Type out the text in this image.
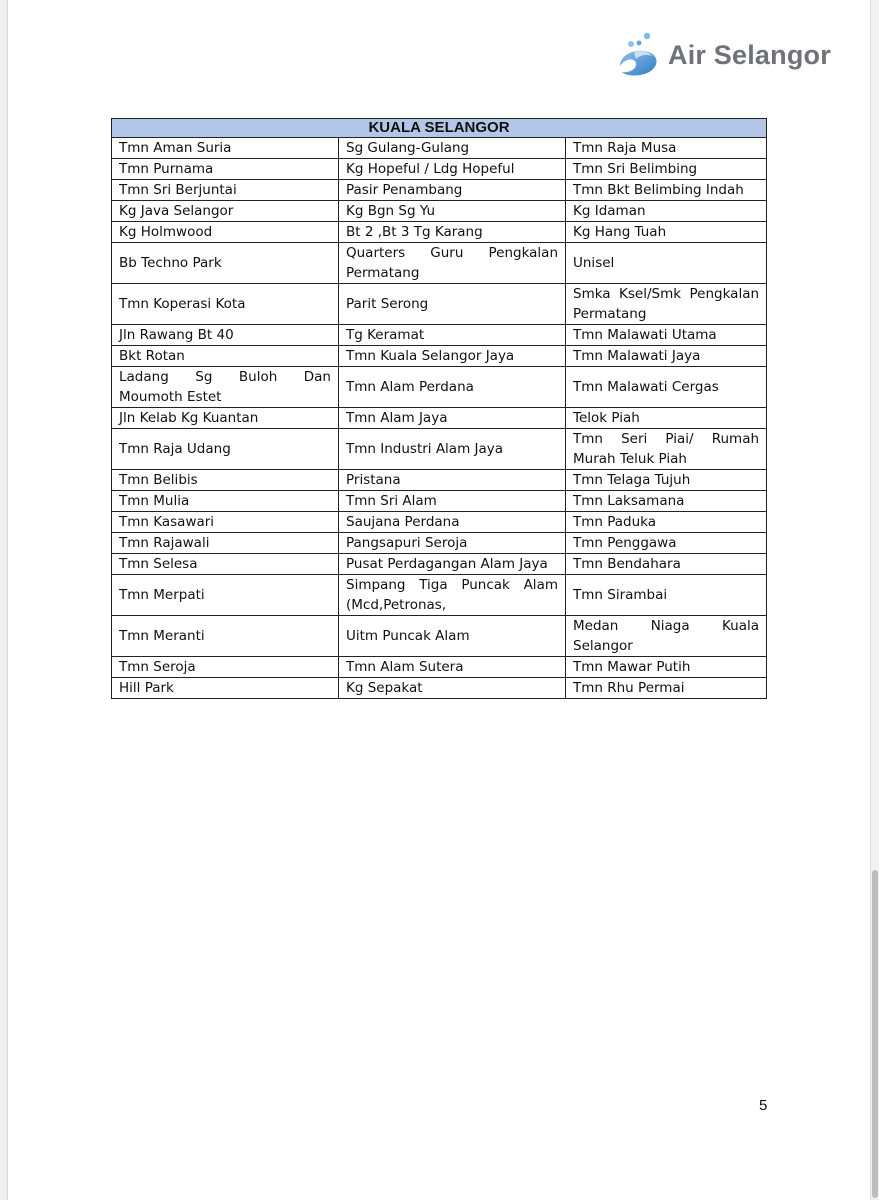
Air Selangor
KUALA SELANGOR		
Tmn Aman Suria	Sg Gulang-Gulang	Tmn Raja Musa
Tmn Purnama	Kg Hopeful / Ldg Hopeful	Tmn Sri Belimbing
Tmn Sri Berjuntai	Pasir Penambang	Tmn Bkt Belimbing Indah
Kg Java Selangor	Kg Bgn Sg Yu	Kg Idaman
Kg Holmwood	Bt 2 ,Bt 3 Tg Karang	Kg Hang Tuah
Bb Techno Park	Quarters Guru Pengkalan Permatang	Unisel
Tmn Koperasi Kota	Parit Serong	Smka Ksel/Smk Pengkalan Permatang
Jln Rawang Bt 40	Tg Keramat	Tmn Malawati Utama
Bkt Rotan	Tmn Kuala Selangor Jaya	Tmn Malawati Jaya
Ladang Sg Buloh Dan Moumoth Estet	Tmn Alam Perdana	Tmn Malawati Cergas
Jln Kelab Kg Kuantan	Tmn Alam Jaya	Telok Piah
Tmn Raja Udang	Tmn Industri Alam Jaya	Tmn Seri Piai/ Rumah Murah Teluk Piah
Tmn Belibis	Pristana	Tmn Telaga Tujuh
Tmn Mulia	Tmn Sri Alam	Tmn Laksamana
Tmn Kasawari	Saujana Perdana	Tmn Paduka
Tmn Rajawali	Pangsapuri Seroja	Tmn Penggawa
Tmn Selesa	Pusat Perdagangan Alam Jaya	Tmn Bendahara
Tmn Merpati	Simpang Tiga Puncak Alam (Mcd,Petronas,	Tmn Sirambai
Tmn Meranti	Uitm Puncak Alam	Medan Niaga Kuala Selangor
Tmn Seroja	Tmn Alam Sutera	Tmn Mawar Putih
Hill Park	Kg Sepakat	Tmn Rhu Permai
5
